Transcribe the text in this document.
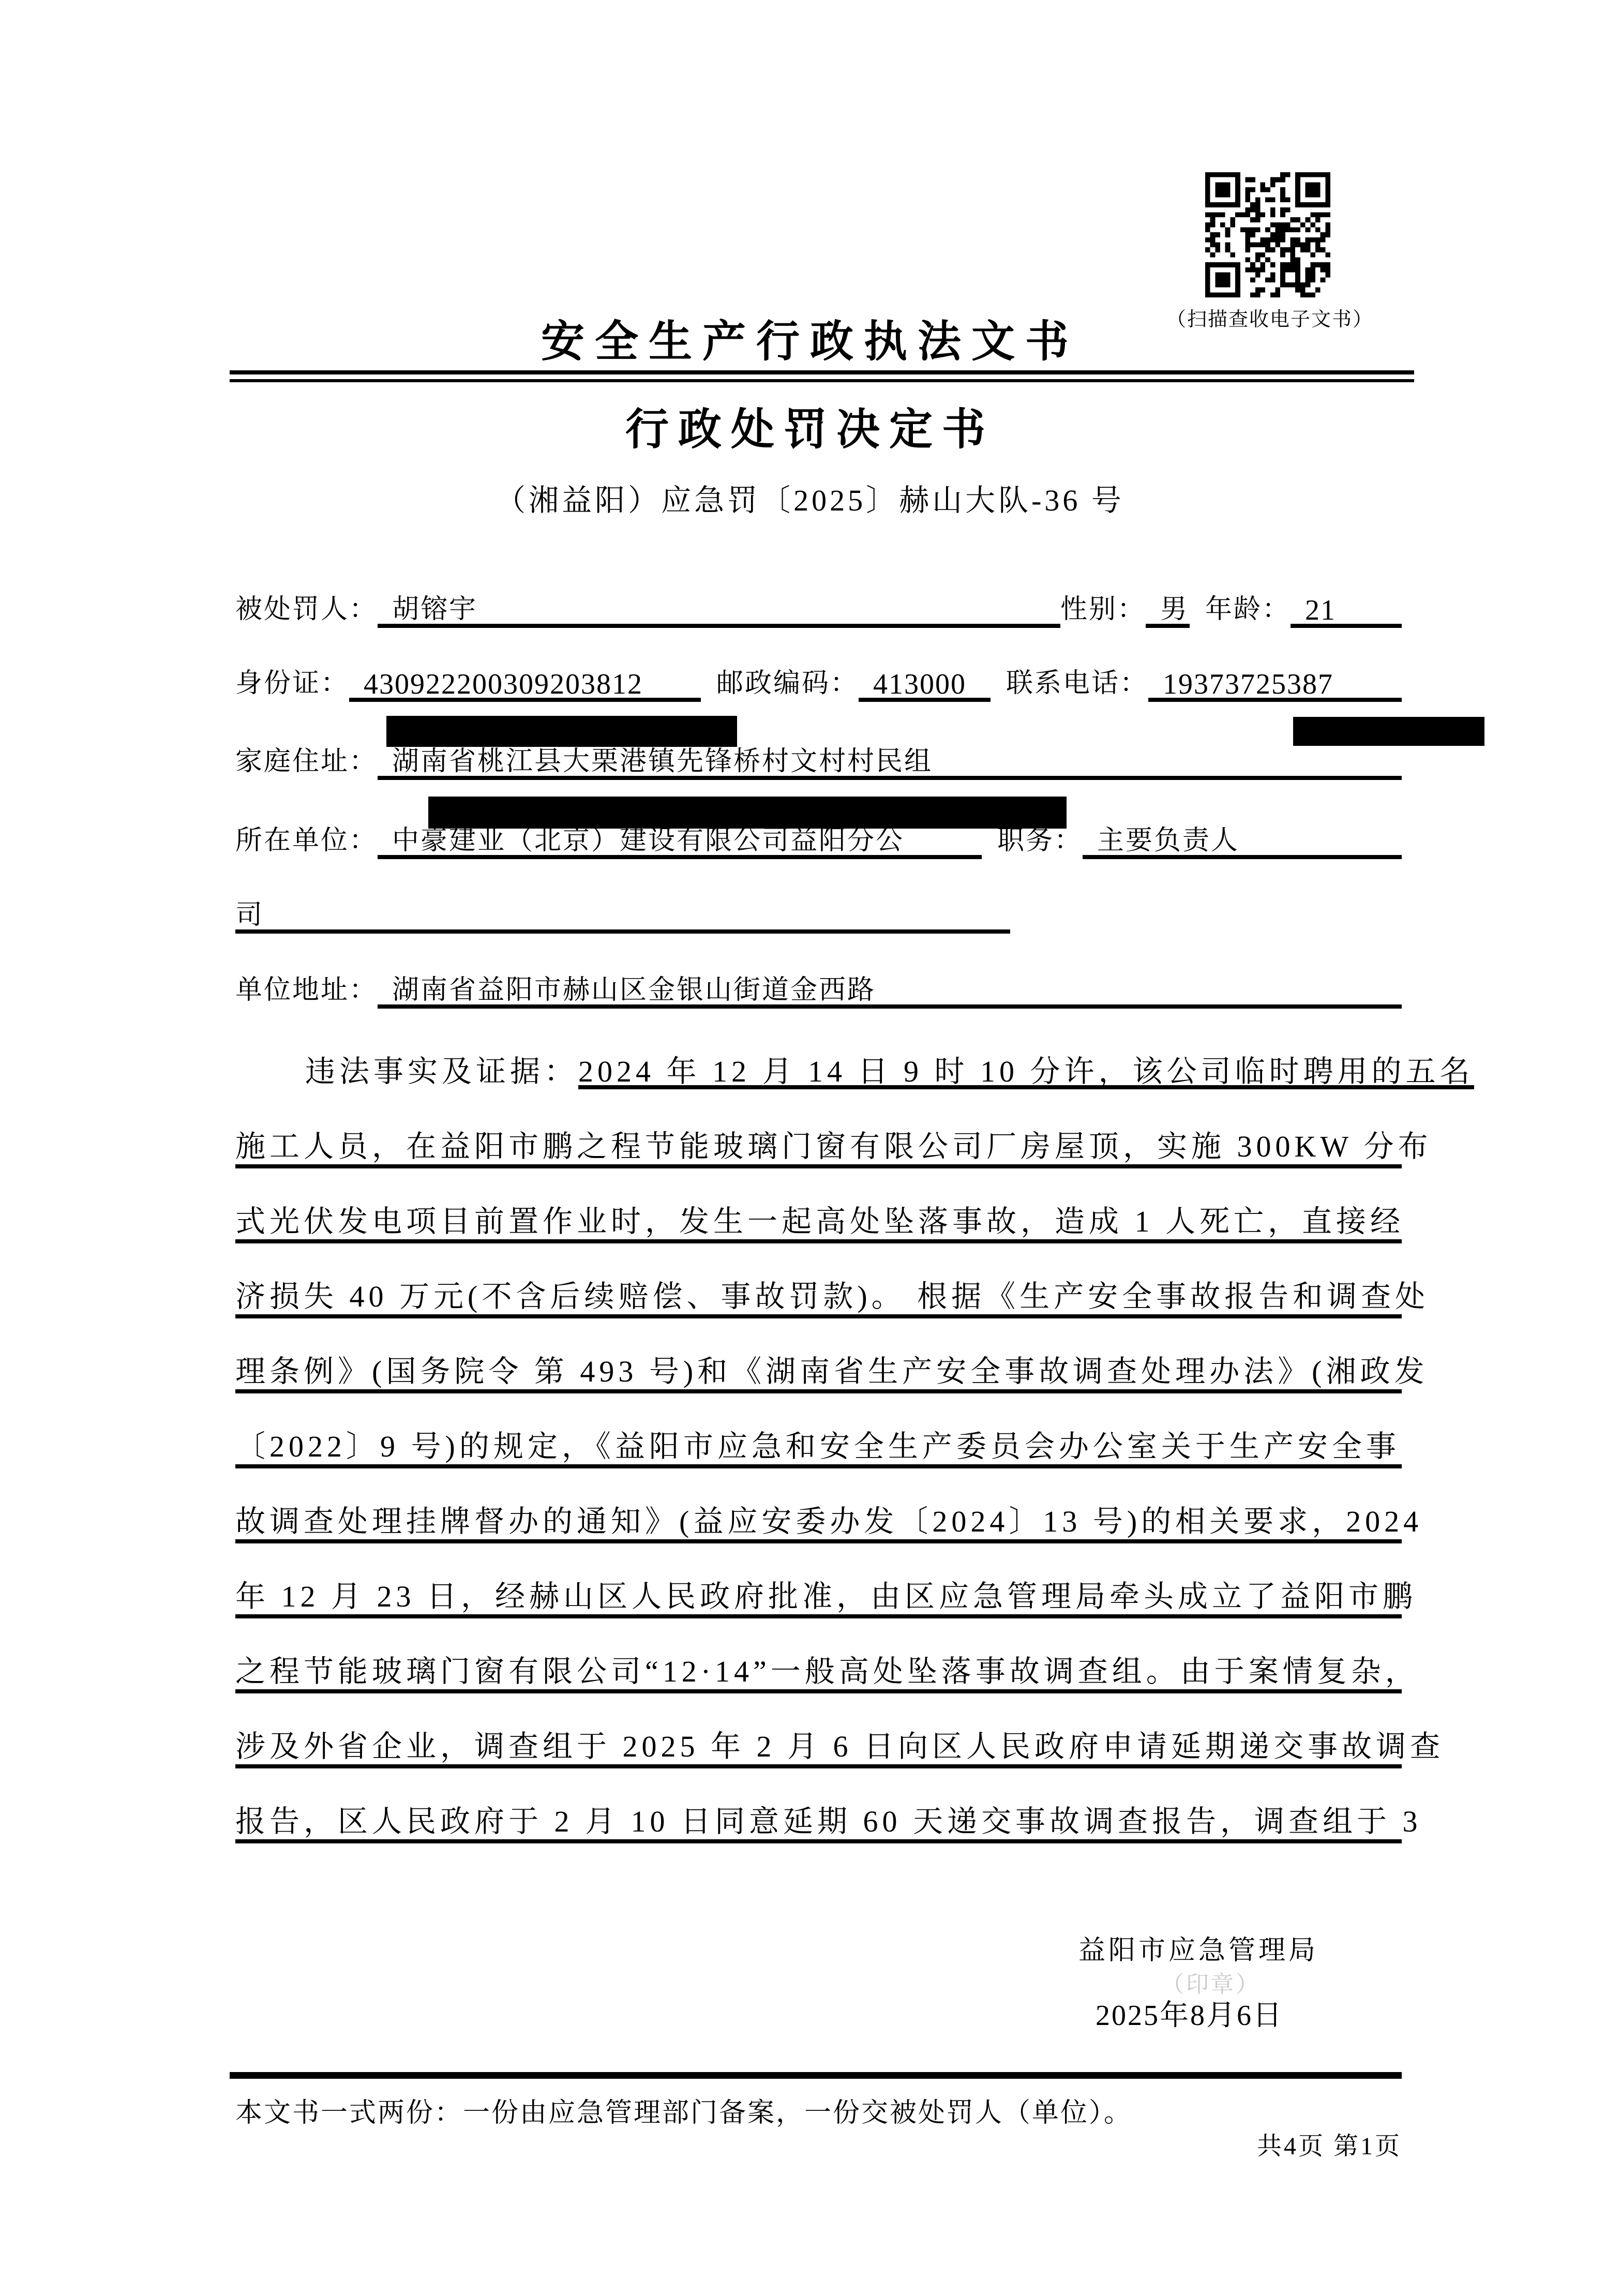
（扫描查收电子文书）
安全生产行政执法文书
行政处罚决定书
（湘益阳）应急罚〔2025〕赫山大队-36 号
被处罚人： 胡镕宇	性别： 男 年龄： 21
身份证： 430922200309203812	邮政编码： 413000	联系电话： 19373725387
家庭住址： 湖南省桃江县大栗港镇先锋桥村文村村民组
所在单位： 中豪建业（北京）建设有限公司益阳分公	职务： 主要负责人
司
单位地址： 湖南省益阳市赫山区金银山街道金西路
违法事实及证据： 2024 年 12 月 14 日 9 时 10 分许，该公司临时聘用的五名
施工人员，在益阳市鹏之程节能玻璃门窗有限公司厂房屋顶，实施 300KW 分布
式光伏发电项目前置作业时，发生一起高处坠落事故，造成 1 人死亡，直接经
济损失 40 万元(不含后续赔偿、事故罚款)。 根据《生产安全事故报告和调查处
理条例》(国务院令 第 493 号)和《湖南省生产安全事故调查处理办法》(湘政发
〔2022〕9 号)的规定，《益阳市应急和安全生产委员会办公室关于生产安全事
故调查处理挂牌督办的通知》(益应安委办发〔2024〕13 号)的相关要求，2024
年 12 月 23 日，经赫山区人民政府批准，由区应急管理局牵头成立了益阳市鹏
之程节能玻璃门窗有限公司“12·14”一般高处坠落事故调查组。由于案情复杂，
涉及外省企业，调查组于 2025 年 2 月 6 日向区人民政府申请延期递交事故调查
报告，区人民政府于 2 月 10 日同意延期 60 天递交事故调查报告，调查组于 3
益阳市应急管理局
（印章）
2025年8月6日
本文书一式两份：一份由应急管理部门备案，一份交被处罚人（单位）。
共4页 第1页
